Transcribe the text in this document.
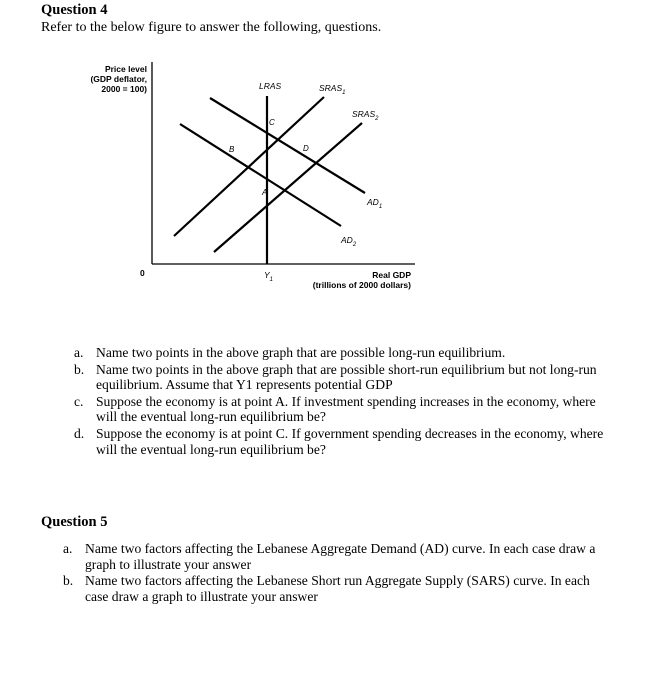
Question 4
Refer to the below figure to answer the following, questions.
Price level
(GDP deflator,
2000 = 100)	LRAS	$SRAS_1$
$SRAS_2$
$AD_1$
$AD_2$
A
B
C
D
0	$Y_1$	Real GDP
(trillions of 2000 dollars)
a. Name two points in the above graph that are possible long-run equilibrium.
b. Name two points in the above graph that are possible short-run equilibrium but not long-run equilibrium. Assume that Y1 represents potential GDP
c. Suppose the economy is at point A. If investment spending increases in the economy, where will the eventual long-run equilibrium be?
d. Suppose the economy is at point C. If government spending decreases in the economy, where will the eventual long-run equilibrium be?
Question 5
a. Name two factors affecting the Lebanese Aggregate Demand (AD) curve. In each case draw a graph to illustrate your answer
b. Name two factors affecting the Lebanese Short run Aggregate Supply (SARS) curve. In each case draw a graph to illustrate your answer
